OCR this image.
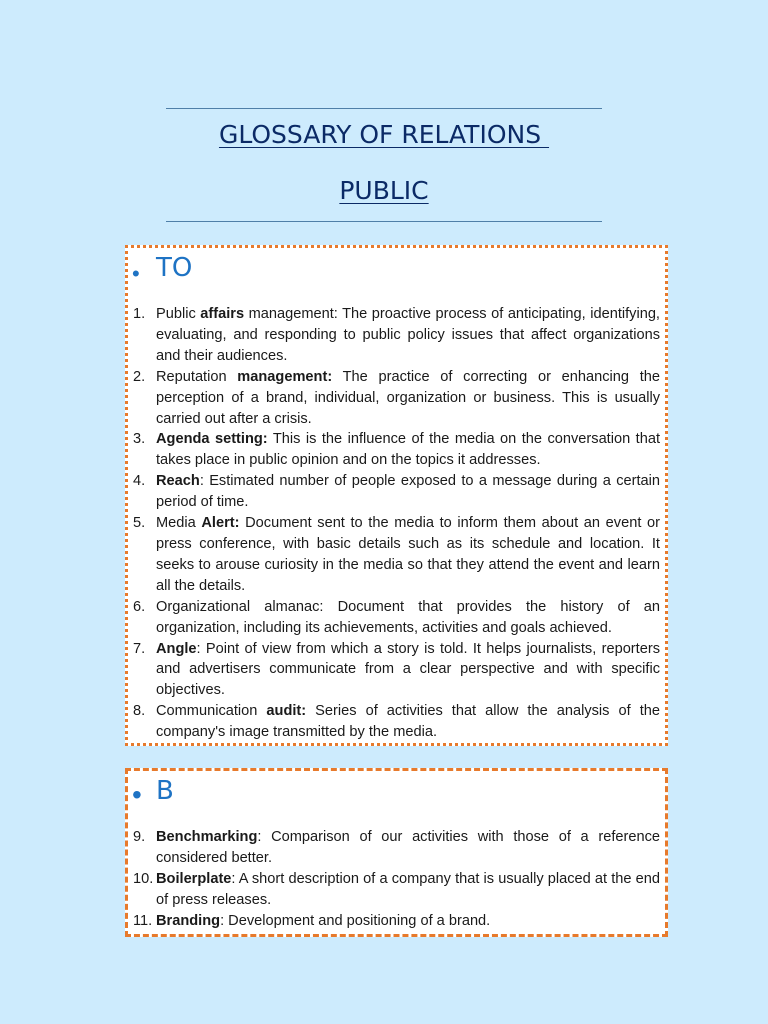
GLOSSARY OF RELATIONS
PUBLIC
• TO
1. Public affairs management: The proactive process of anticipating, identifying, evaluating, and responding to public policy issues that affect organizations and their audiences.
2. Reputation management: The practice of correcting or enhancing the perception of a brand, individual, organization or business. This is usually carried out after a crisis.
3. Agenda setting: This is the influence of the media on the conversation that takes place in public opinion and on the topics it addresses.
4. Reach: Estimated number of people exposed to a message during a certain period of time.
5. Media Alert: Document sent to the media to inform them about an event or press conference, with basic details such as its schedule and location. It seeks to arouse curiosity in the media so that they attend the event and learn all the details.
6. Organizational almanac: Document that provides the history of an organization, including its achievements, activities and goals achieved.
7. Angle: Point of view from which a story is told. It helps journalists, reporters and advertisers communicate from a clear perspective and with specific objectives.
8. Communication audit: Series of activities that allow the analysis of the company's image transmitted by the media.
• B
9. Benchmarking: Comparison of our activities with those of a reference considered better.
10. Boilerplate: A short description of a company that is usually placed at the end of press releases.
11. Branding: Development and positioning of a brand.
